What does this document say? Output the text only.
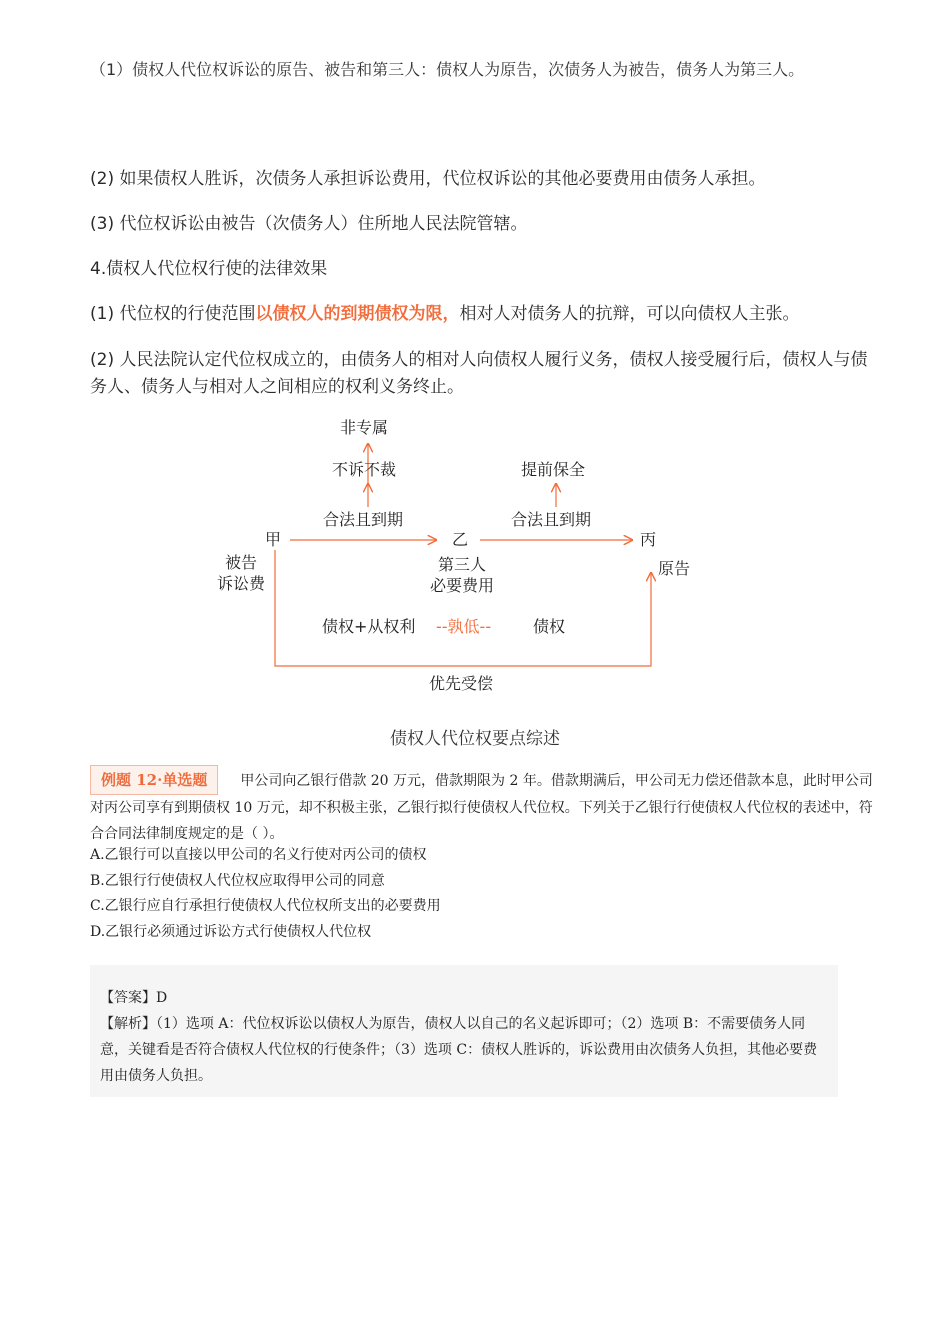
（1）债权人代位权诉讼的原告、被告和第三人：债权人为原告，次债务人为被告，债务人为第三人。
(2) 如果债权人胜诉，次债务人承担诉讼费用，代位权诉讼的其他必要费用由债务人承担。
(3) 代位权诉讼由被告（次债务人）住所地人民法院管辖。
4.债权人代位权行使的法律效果
(1) 代位权的行使范围以债权人的到期债权为限，相对人对债务人的抗辩，可以向债权人主张。
(2) 人民法院认定代位权成立的，由债务人的相对人向债权人履行义务，债权人接受履行后，债权人与债务人、债务人与相对人之间相应的权利义务终止。
非专属
不诉不裁	提前保全
合法且到期	合法且到期
甲	乙	丙
被告
诉讼费
第三人
必要费用
原告
债权+从权利 --孰低--	债权
优先受偿
债权人代位权要点综述
例题 12·单选题 甲公司向乙银行借款 20 万元，借款期限为 2 年。借款期满后，甲公司无力偿还借款本息，此时甲公司对丙公司享有到期债权 10 万元，却不积极主张，乙银行拟行使债权人代位权。下列关于乙银行行使债权人代位权的表述中，符合合同法律制度规定的是（ ）。
A.乙银行可以直接以甲公司的名义行使对丙公司的债权
B.乙银行行使债权人代位权应取得甲公司的同意
C.乙银行应自行承担行使债权人代位权所支出的必要费用
D.乙银行必须通过诉讼方式行使债权人代位权
【答案】D
【解析】（1）选项 A：代位权诉讼以债权人为原告，债权人以自己的名义起诉即可；（2）选项 B：不需要债务人同意，关键看是否符合债权人代位权的行使条件；（3）选项 C：债权人胜诉的，诉讼费用由次债务人负担，其他必要费用由债务人负担。
